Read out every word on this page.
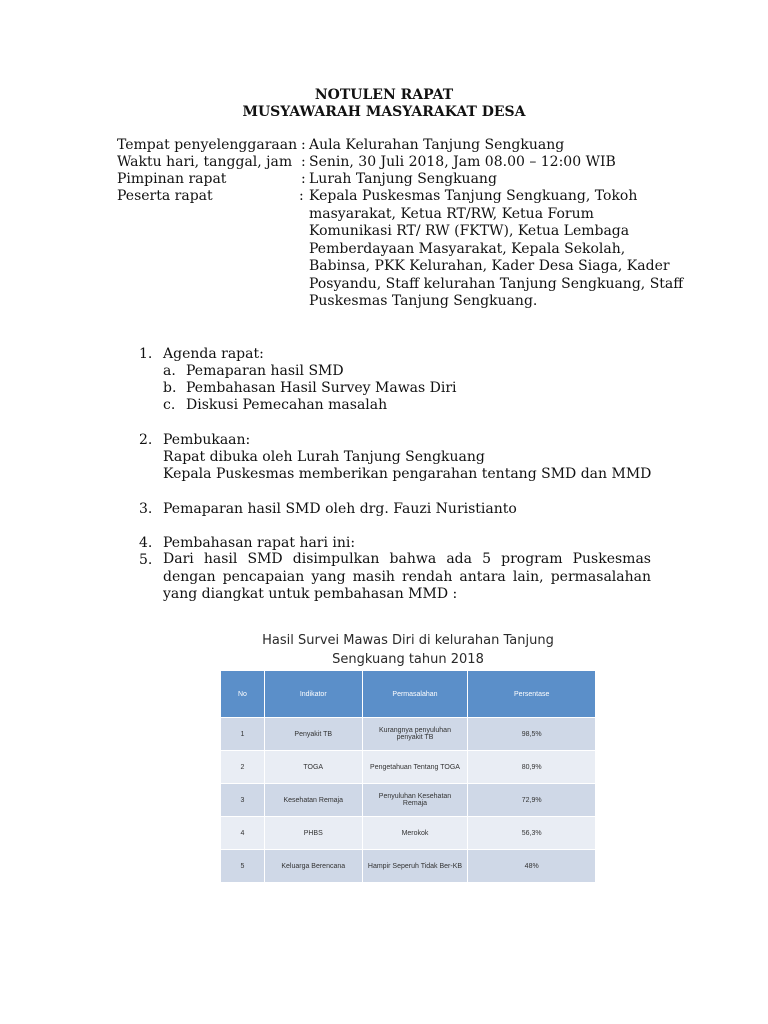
NOTULEN RAPAT
MUSYAWARAH MASYARAKAT DESA
Tempat penyelenggaraan : Aula Kelurahan Tanjung Sengkuang
Waktu hari, tanggal, jam : Senin, 30 Juli 2018, Jam 08.00 – 12:00 WIB
Pimpinan rapat	: Lurah Tanjung Sengkuang
Peserta rapat	: Kepala Puskesmas Tanjung Sengkuang, Tokoh
masyarakat, Ketua RT/RW, Ketua Forum
Komunikasi RT/ RW (FKTW), Ketua Lembaga
Pemberdayaan Masyarakat, Kepala Sekolah,
Babinsa, PKK Kelurahan, Kader Desa Siaga, Kader
Posyandu, Staff kelurahan Tanjung Sengkuang, Staff
Puskesmas Tanjung Sengkuang.
1. Agenda rapat:
a. Pemaparan hasil SMD
b. Pembahasan Hasil Survey Mawas Diri
c. Diskusi Pemecahan masalah
2. Pembukaan:
Rapat dibuka oleh Lurah Tanjung Sengkuang
Kepala Puskesmas memberikan pengarahan tentang SMD dan MMD
3. Pemaparan hasil SMD oleh drg. Fauzi Nuristianto
4. Pembahasan rapat hari ini:
5. Dari hasil SMD disimpulkan bahwa ada 5 program Puskesmas dengan pencapaian yang masih rendah antara lain, permasalahan yang diangkat untuk pembahasan MMD :
Hasil Survei Mawas Diri di kelurahan Tanjung
Sengkuang tahun 2018
No	Indikator	Permasalahan	Persentase
1	Penyakit TB	Kurangnya penyuluhan penyakit TB	98,5%
2	TOGA	Pengetahuan Tentang TOGA	80,9%
3	Kesehatan Remaja	Penyuluhan Kesehatan Remaja	72,9%
4	PHBS	Merokok	56,3%
5	Keluarga Berencana	Hampir Seperuh Tidak Ber-KB	48%
